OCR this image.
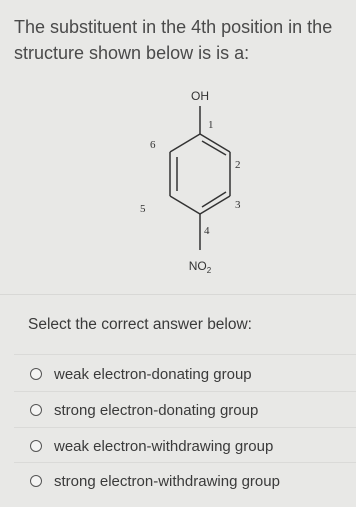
The substituent in the 4th position in the structure shown below is is a:
OH
1
2
3
4
5
6
$NO_2$
Select the correct answer below:
weak electron-donating group
strong electron-donating group
weak electron-withdrawing group
strong electron-withdrawing group
